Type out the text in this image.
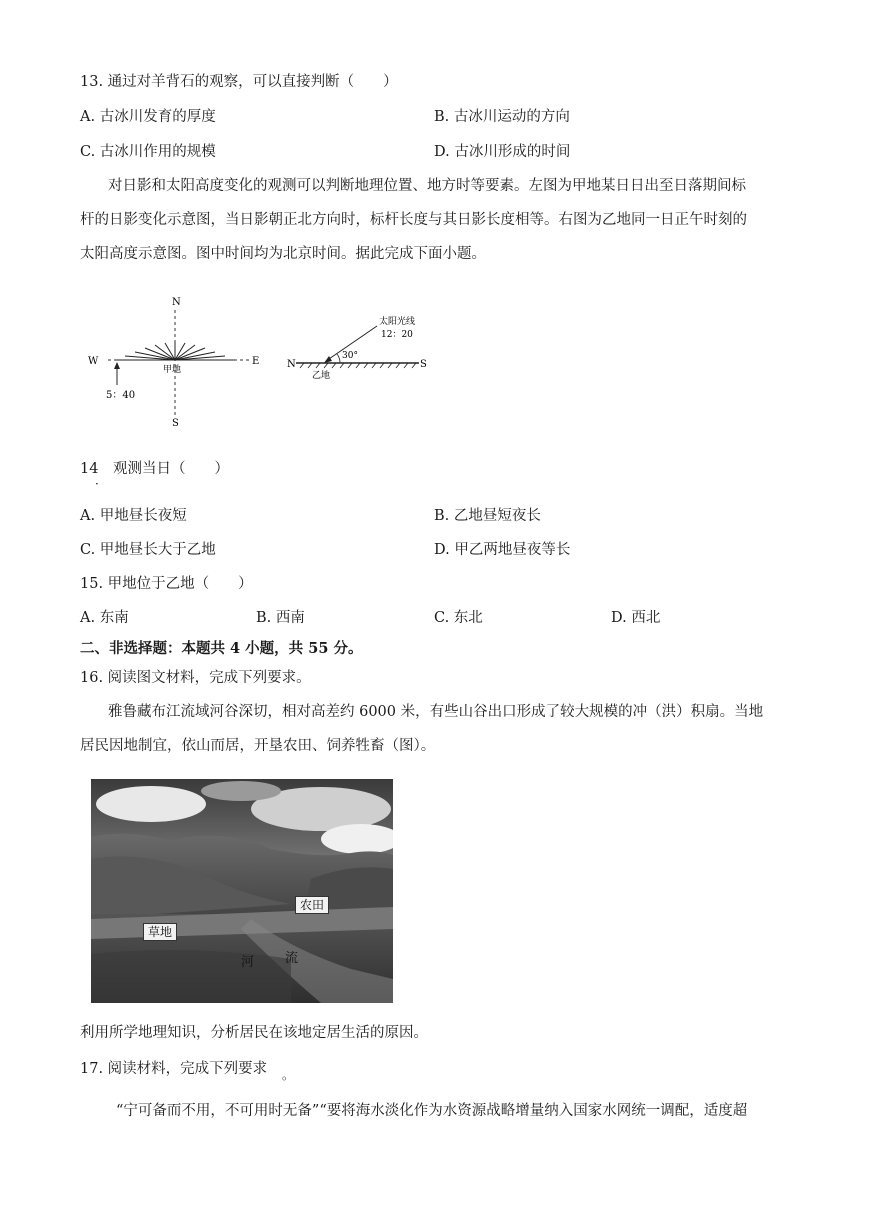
13. 通过对羊背石的观察，可以直接判断（　　）
A. 古冰川发育的厚度	B. 古冰川运动的方向
C. 古冰川作用的规模	D. 古冰川形成的时间
对日影和太阳高度变化的观测可以判断地理位置、地方时等要素。左图为甲地某日日出至日落期间标
杆的日影变化示意图，当日影朝正北方向时，标杆长度与其日影长度相等。右图为乙地同一日正午时刻的
太阳高度示意图。图中时间均为北京时间。据此完成下面小题。
N
S
W	E
甲地
5：40
N	S
乙地
太阳光线
12：20
30°
14　观测当日（　　）
·
A. 甲地昼长夜短	B. 乙地昼短夜长
C. 甲地昼长大于乙地	D. 甲乙两地昼夜等长
15. 甲地位于乙地（　　）
A. 东南	B. 西南	C. 东北	D. 西北
二、非选择题：本题共 4 小题，共 55 分。
16. 阅读图文材料，完成下列要求。
雅鲁藏布江流域河谷深切，相对高差约 6000 米，有些山谷出口形成了较大规模的冲（洪）积扇。当地
居民因地制宜，依山而居，开垦农田、饲养牲畜（图）。
农田
草地
河 流
利用所学地理知识，分析居民在该地定居生活的原因。
17. 阅读材料，完成下列要求 。
“宁可备而不用，不可用时无备”“要将海水淡化作为水资源战略增量纳入国家水网统一调配，适度超
